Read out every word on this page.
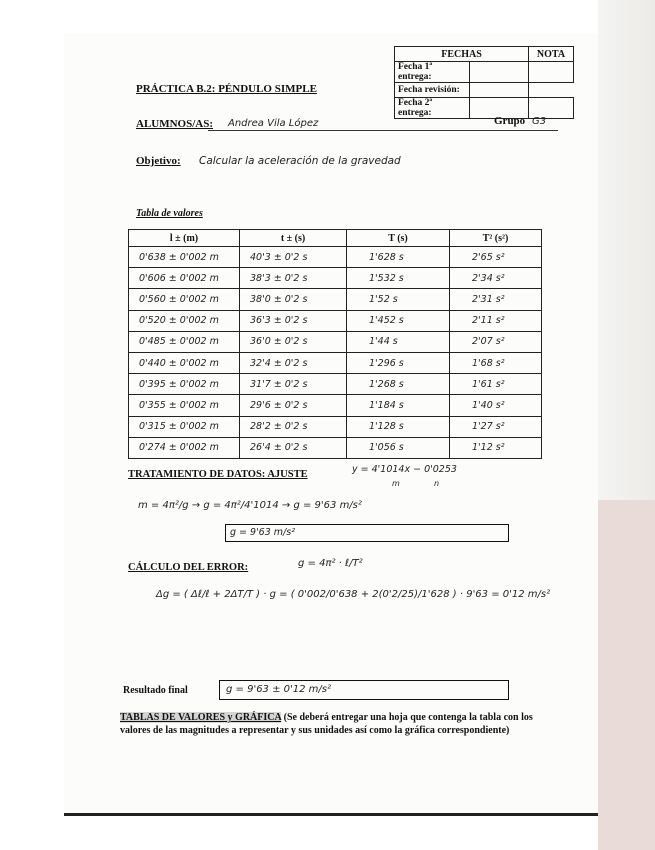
FECHAS		NOTA
Fecha 1ª entrega:		
Fecha revisión:		
Fecha 2ª entrega:		
PRÁCTICA B.2: PÉNDULO SIMPLE
ALUMNOS/AS: Andrea Vila López	Grupo G3
Objetivo: Calcular la aceleración de la gravedad
Tabla de valores
l ± (m)	t ± (s)	T (s)	T² (s²)
0'638 ± 0'002 m	40'3 ± 0'2 s	1'628 s	2'65 s²
0'606 ± 0'002 m	38'3 ± 0'2 s	1'532 s	2'34 s²
0'560 ± 0'002 m	38'0 ± 0'2 s	1'52 s	2'31 s²
0'520 ± 0'002 m	36'3 ± 0'2 s	1'452 s	2'11 s²
0'485 ± 0'002 m	36'0 ± 0'2 s	1'44 s	2'07 s²
0'440 ± 0'002 m	32'4 ± 0'2 s	1'296 s	1'68 s²
0'395 ± 0'002 m	31'7 ± 0'2 s	1'268 s	1'61 s²
0'355 ± 0'002 m	29'6 ± 0'2 s	1'184 s	1'40 s²
0'315 ± 0'002 m	28'2 ± 0'2 s	1'128 s	1'27 s²
0'274 ± 0'002 m	26'4 ± 0'2 s	1'056 s	1'12 s²
TRATAMIENTO DE DATOS: AJUSTE	y = 4'1014x − 0'0253
m	n
m = 4π²/g → g = 4π²/4'1014 → g = 9'63 m/s²
g = 9'63 m/s²
CÁLCULO DEL ERROR:	g = 4π² · ℓ/T²
Δg = ( Δℓ/ℓ + 2ΔT/T ) · g = ( 0'002/0'638 + 2(0'2/25)/1'628 ) · 9'63 = 0'12 m/s²
Resultado final	g = 9'63 ± 0'12 m/s²
TABLAS DE VALORES y GRÁFICA (Se deberá entregar una hoja que contenga la tabla con los valores de las magnitudes a representar y sus unidades así como la gráfica correspondiente)
